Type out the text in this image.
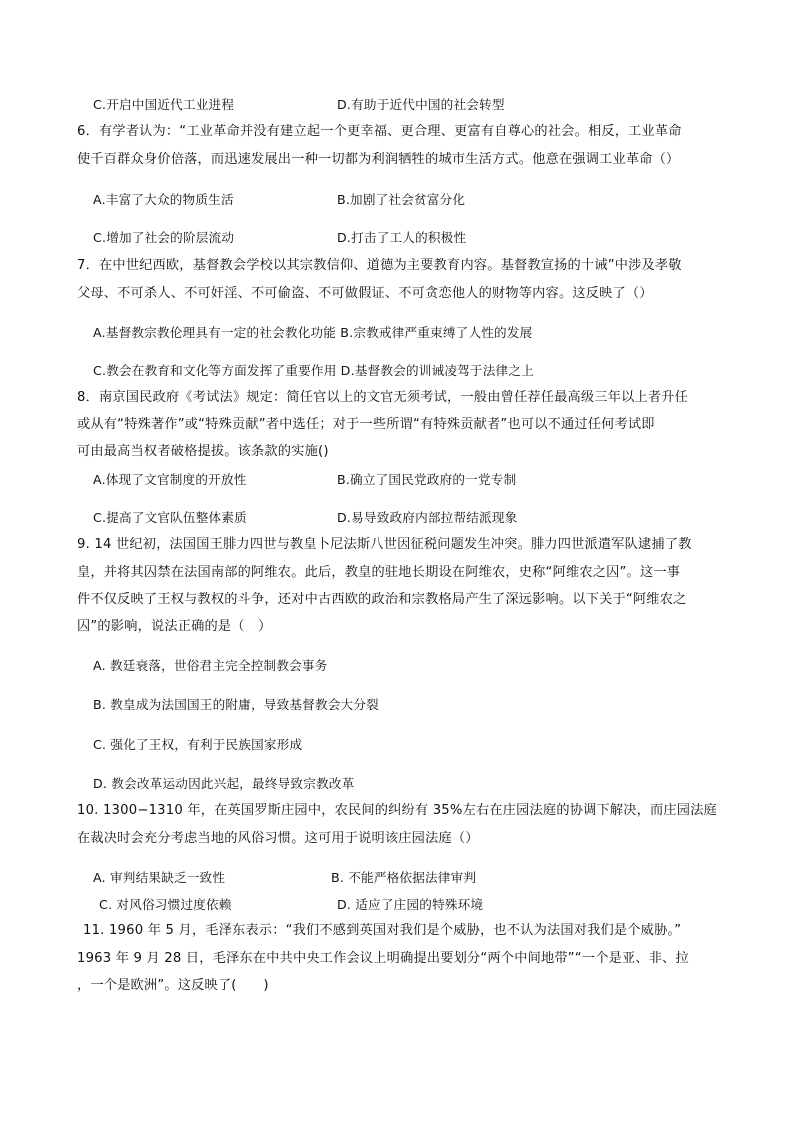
C.开启中国近代工业进程	D.有助于近代中国的社会转型
6．有学者认为：“工业革命并没有建立起一个更幸福、更合理、更富有自尊心的社会。相反，工业革命
使千百群众身价倍落，而迅速发展出一种一切都为利润牺牲的城市生活方式。他意在强调工业革命（）
A.丰富了大众的物质生活	B.加剧了社会贫富分化
C.增加了社会的阶层流动	D.打击了工人的积极性
7．在中世纪西欧，基督教会学校以其宗教信仰、道德为主要教育内容。基督教宣扬的十诫”中涉及孝敬
父母、不可杀人、不可奸淫、不可偷盗、不可做假证、不可贪恋他人的财物等内容。这反映了（）
A.基督教宗教伦理具有一定的社会教化功能 B.宗教戒律严重束缚了人性的发展
C.教会在教育和文化等方面发挥了重要作用 D.基督教会的训诫凌驾于法律之上
8．南京国民政府《考试法》规定：简任官以上的文官无须考试，一般由曾任荐任最高级三年以上者升任
或从有“特殊著作”或“特殊贡献”者中选任；对于一些所谓“有特殊贡献者”也可以不通过任何考试即
可由最高当权者破格提拔。该条款的实施()
A.体现了文官制度的开放性	B.确立了国民党政府的一党专制
C.提高了文官队伍整体素质	D.易导致政府内部拉帮结派现象
9. 14 世纪初，法国国王腓力四世与教皇卜尼法斯八世因征税问题发生冲突。腓力四世派遣军队逮捕了教
皇，并将其囚禁在法国南部的阿维农。此后，教皇的驻地长期设在阿维农，史称“阿维农之囚”。这一事
件不仅反映了王权与教权的斗争，还对中古西欧的政治和宗教格局产生了深远影响。以下关于“阿维农之
囚”的影响，说法正确的是（　）
A. 教廷衰落，世俗君主完全控制教会事务
B. 教皇成为法国国王的附庸，导致基督教会大分裂
C. 强化了王权，有利于民族国家形成
D. 教会改革运动因此兴起，最终导致宗教改革
10. 1300−1310 年，在英国罗斯庄园中，农民间的纠纷有 35%左右在庄园法庭的协调下解决，而庄园法庭
在裁决时会充分考虑当地的风俗习惯。这可用于说明该庄园法庭（）
A. 审判结果缺乏一致性	B. 不能严格依据法律审判
C. 对风俗习惯过度依赖	D. 适应了庄园的特殊环境
11. 1960 年 5 月，毛泽东表示：“我们不感到英国对我们是个威胁，也不认为法国对我们是个威胁。”
1963 年 9 月 28 日，毛泽东在中共中央工作会议上明确提出要划分“两个中间地带”“一个是亚、非、拉
，一个是欧洲”。这反映了(　　)
